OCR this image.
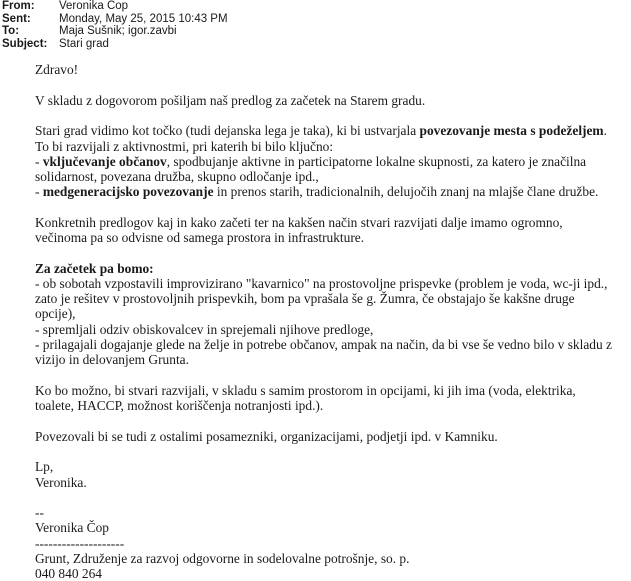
From: Veronika Cop
Sent: Monday, May 25, 2015 10:43 PM
To:	Maja Sušnik; igor.zavbi
Subject: Stari grad

Zdravo!

V skladu z dogovorom pošiljam naš predlog za začetek na Starem gradu.

Stari grad vidimo kot točko (tudi dejanska lega je taka), ki bi ustvarjala povezovanje mesta s podeželjem.

To bi razvijali z aktivnostmi, pri katerih bi bilo ključno:

- vključevanje občanov, spodbujanje aktivne in participatorne lokalne skupnosti, za katero je značilna

solidarnost, povezana družba, skupno odločanje ipd.,

- medgeneracijsko povezovanje in prenos starih, tradicionalnih, delujočih znanj na mlajše člane družbe.

Konkretnih predlogov kaj in kako začeti ter na kakšen način stvari razvijati dalje imamo ogromno,

večinoma pa so odvisne od samega prostora in infrastrukture.

Za začetek pa bomo:

- ob sobotah vzpostavili improvizirano "kavarnico" na prostovoljne prispevke (problem je voda, wc-ji ipd.,

zato je rešitev v prostovoljnih prispevkih, bom pa vprašala še g. Žumra, če obstajajo še kakšne druge

opcije),

- spremljali odziv obiskovalcev in sprejemali njihove predloge,

- prilagajali dogajanje glede na želje in potrebe občanov, ampak na način, da bi vse še vedno bilo v skladu z

vizijo in delovanjem Grunta.

Ko bo možno, bi stvari razvijali, v skladu s samim prostorom in opcijami, ki jih ima (voda, elektrika,

toalete, HACCP, možnost koriščenja notranjosti ipd.).

Povezovali bi se tudi z ostalimi posamezniki, organizacijami, podjetji ipd. v Kamniku.

Lp,

Veronika.

--

Veronika Čop

--------------------

Grunt, Združenje za razvoj odgovorne in sodelovalne potrošnje, so. p.

040 840 264
